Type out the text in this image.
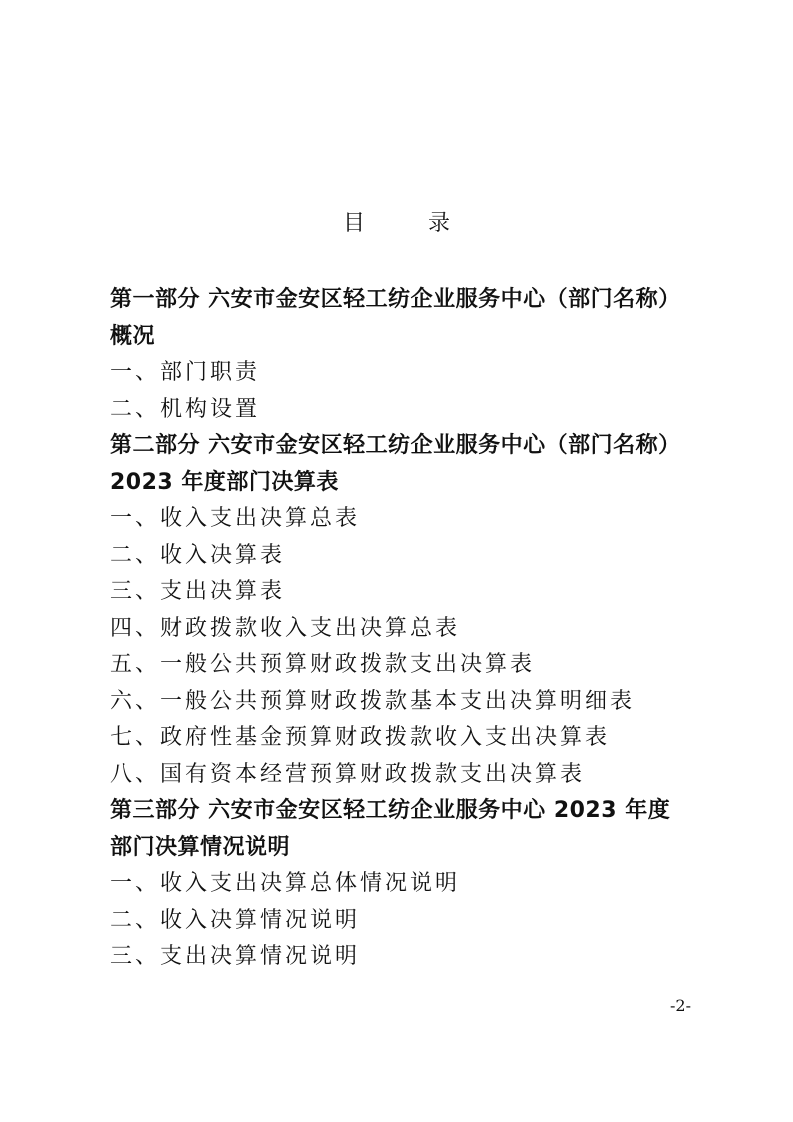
目 录
第一部分 六安市金安区轻工纺企业服务中心（部门名称）
概况
一、部门职责
二、机构设置
第二部分 六安市金安区轻工纺企业服务中心（部门名称）
2023 年度部门决算表
一、收入支出决算总表
二、收入决算表
三、支出决算表
四、财政拨款收入支出决算总表
五、一般公共预算财政拨款支出决算表
六、一般公共预算财政拨款基本支出决算明细表
七、政府性基金预算财政拨款收入支出决算表
八、国有资本经营预算财政拨款支出决算表
第三部分 六安市金安区轻工纺企业服务中心 2023 年度
部门决算情况说明
一、收入支出决算总体情况说明
二、收入决算情况说明
三、支出决算情况说明
-2-
